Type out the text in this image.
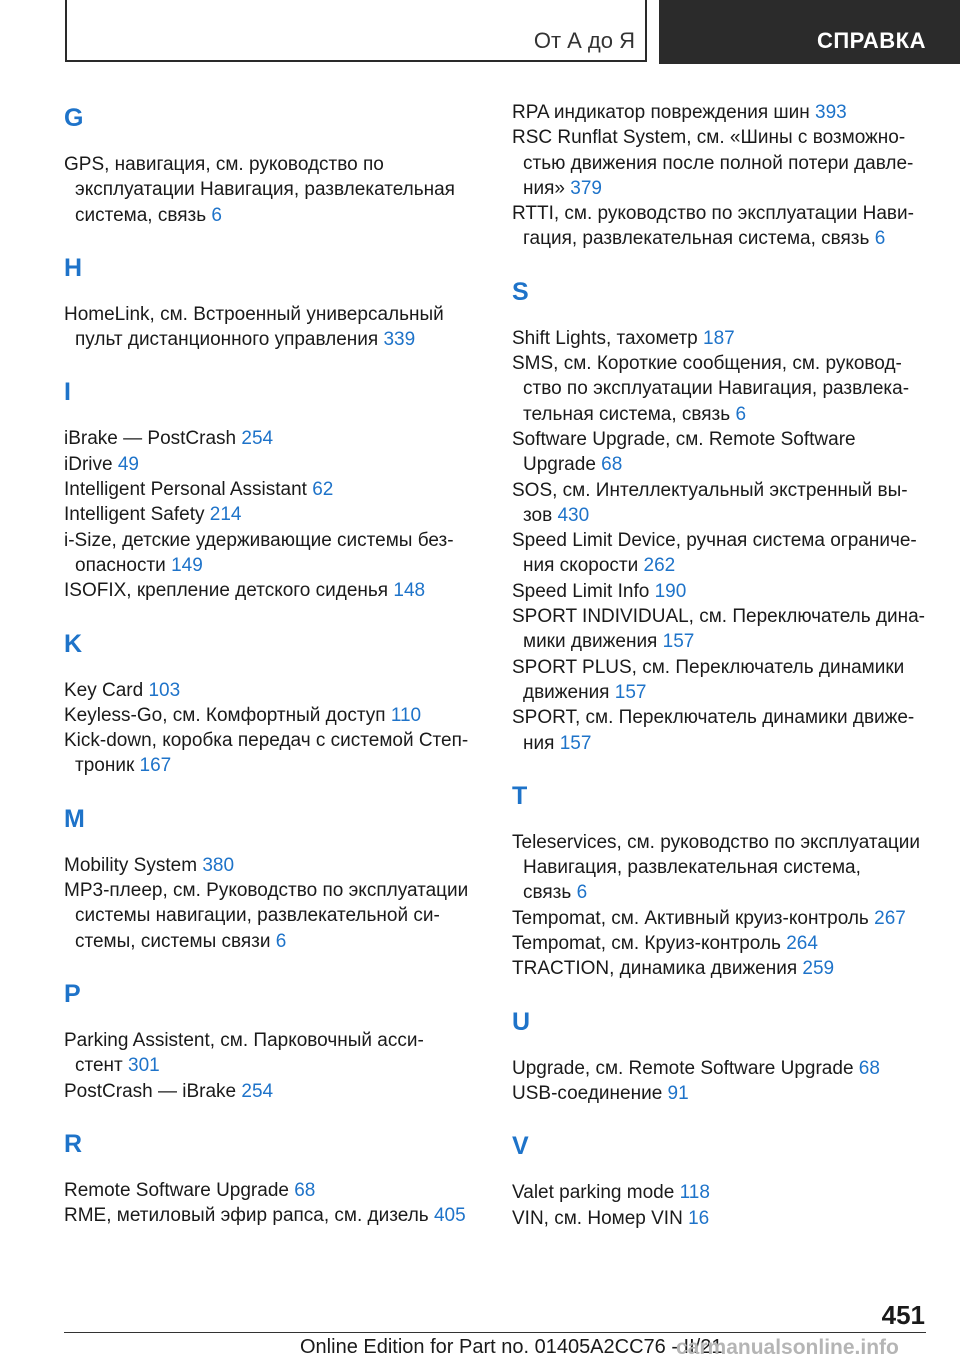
От А до Я	СПРАВКА
G
GPS, навигация, см. руководство по
эксплуатации Навигация, развлекательная
система, связь 6
H
HomeLink, см. Встроенный универсальный
пульт дистанционного управления 339
I
iBrake — PostCrash 254
iDrive 49
Intelligent Personal Assistant 62
Intelligent Safety 214
i-Size, детские удерживающие системы без-
опасности 149
ISOFIX, крепление детского сиденья 148
K
Key Card 103
Keyless-Go, см. Комфортный доступ 110
Kick-down, коробка передач с системой Степ-
троник 167
M
Mobility System 380
MP3-плеер, см. Руководство по эксплуатации
системы навигации, развлекательной си-
стемы, системы связи 6
P
Parking Assistent, см. Парковочный асси-
стент 301
PostCrash — iBrake 254
R
Remote Software Upgrade 68
RME, метиловый эфир рапса, см. дизель 405
RPA индикатор повреждения шин 393
RSC Runflat System, см. «Шины с возможно-
стью движения после полной потери давле-
ния» 379
RTTI, см. руководство по эксплуатации Нави-
гация, развлекательная система, связь 6
S
Shift Lights, тахометр 187
SMS, см. Короткие сообщения, см. руковод-
ство по эксплуатации Навигация, развлека-
тельная система, связь 6
Software Upgrade, см. Remote Software
Upgrade 68
SOS, см. Интеллектуальный экстренный вы-
зов 430
Speed Limit Device, ручная система ограниче-
ния скорости 262
Speed Limit Info 190
SPORT INDIVIDUAL, см. Переключатель дина-
мики движения 157
SPORT PLUS, см. Переключатель динамики
движения 157
SPORT, см. Переключатель динамики движе-
ния 157
T
Teleservices, см. руководство по эксплуатации
Навигация, развлекательная система,
связь 6
Tempomat, см. Активный круиз-контроль 267
Tempomat, см. Круиз-контроль 264
TRACTION, динамика движения 259
U
Upgrade, см. Remote Software Upgrade 68
USB-соединение 91
V
Valet parking mode 118
VIN, см. Номер VIN 16
451
Online Edition for Part no. 01405A2CC76 - II/21
carmanualsonline.info
